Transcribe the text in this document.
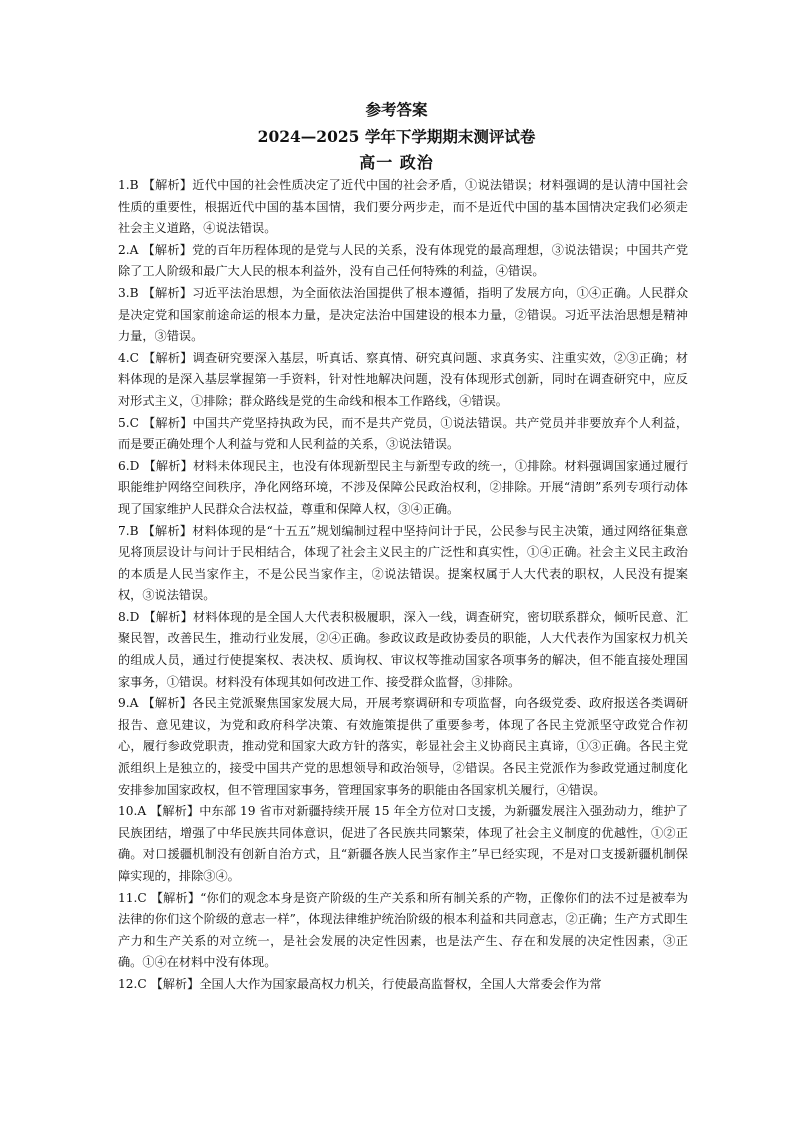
参考答案
2024—2025 学年下学期期末测评试卷
高一 政治

1.B 【解析】近代中国的社会性质决定了近代中国的社会矛盾，①说法错误；材料强调的是认清中国社会性质的重要性，根据近代中国的基本国情，我们要分两步走，而不是近代中国的基本国情决定我们必须走社会主义道路，④说法错误。

2.A 【解析】党的百年历程体现的是党与人民的关系，没有体现党的最高理想，③说法错误；中国共产党除了工人阶级和最广大人民的根本利益外，没有自己任何特殊的利益，④错误。

3.B 【解析】习近平法治思想，为全面依法治国提供了根本遵循，指明了发展方向，①④正确。人民群众是决定党和国家前途命运的根本力量，是决定法治中国建设的根本力量，②错误。习近平法治思想是精神力量，③错误。

4.C 【解析】调查研究要深入基层，听真话、察真情、研究真问题、求真务实、注重实效，②③正确；材料体现的是深入基层掌握第一手资料，针对性地解决问题，没有体现形式创新，同时在调查研究中，应反对形式主义，①排除；群众路线是党的生命线和根本工作路线，④错误。

5.C 【解析】中国共产党坚持执政为民，而不是共产党员，①说法错误。共产党员并非要放弃个人利益，而是要正确处理个人利益与党和人民利益的关系，③说法错误。

6.D 【解析】材料未体现民主，也没有体现新型民主与新型专政的统一，①排除。材料强调国家通过履行职能维护网络空间秩序，净化网络环境，不涉及保障公民政治权利，②排除。开展“清朗”系列专项行动体现了国家维护人民群众合法权益，尊重和保障人权，③④正确。

7.B 【解析】材料体现的是“十五五”规划编制过程中坚持问计于民，公民参与民主决策，通过网络征集意见将顶层设计与问计于民相结合，体现了社会主义民主的广泛性和真实性，①④正确。社会主义民主政治的本质是人民当家作主，不是公民当家作主，②说法错误。提案权属于人大代表的职权，人民没有提案权，③说法错误。

8.D 【解析】材料体现的是全国人大代表积极履职，深入一线，调查研究，密切联系群众，倾听民意、汇聚民智，改善民生，推动行业发展，②④正确。参政议政是政协委员的职能，人大代表作为国家权力机关的组成人员，通过行使提案权、表决权、质询权、审议权等推动国家各项事务的解决，但不能直接处理国家事务，①错误。材料没有体现其如何改进工作、接受群众监督，③排除。

9.A 【解析】各民主党派聚焦国家发展大局，开展考察调研和专项监督，向各级党委、政府报送各类调研报告、意见建议，为党和政府科学决策、有效施策提供了重要参考，体现了各民主党派坚守政党合作初心，履行参政党职责，推动党和国家大政方针的落实，彰显社会主义协商民主真谛，①③正确。各民主党派组织上是独立的，接受中国共产党的思想领导和政治领导，②错误。各民主党派作为参政党通过制度化安排参加国家政权，但不管理国家事务，管理国家事务的职能由各国家机关履行，④错误。

10.A 【解析】中东部 19 省市对新疆持续开展 15 年全方位对口支援，为新疆发展注入强劲动力，维护了民族团结，增强了中华民族共同体意识，促进了各民族共同繁荣，体现了社会主义制度的优越性，①②正确。对口援疆机制没有创新自治方式，且“新疆各族人民当家作主”早已经实现，不是对口支援新疆机制保障实现的，排除③④。

11.C 【解析】“你们的观念本身是资产阶级的生产关系和所有制关系的产物，正像你们的法不过是被奉为法律的你们这个阶级的意志一样”，体现法律维护统治阶级的根本利益和共同意志，②正确；生产方式即生产力和生产关系的对立统一，是社会发展的决定性因素，也是法产生、存在和发展的决定性因素，③正确。①④在材料中没有体现。

12.C 【解析】全国人大作为国家最高权力机关，行使最高监督权，全国人大常委会作为常
